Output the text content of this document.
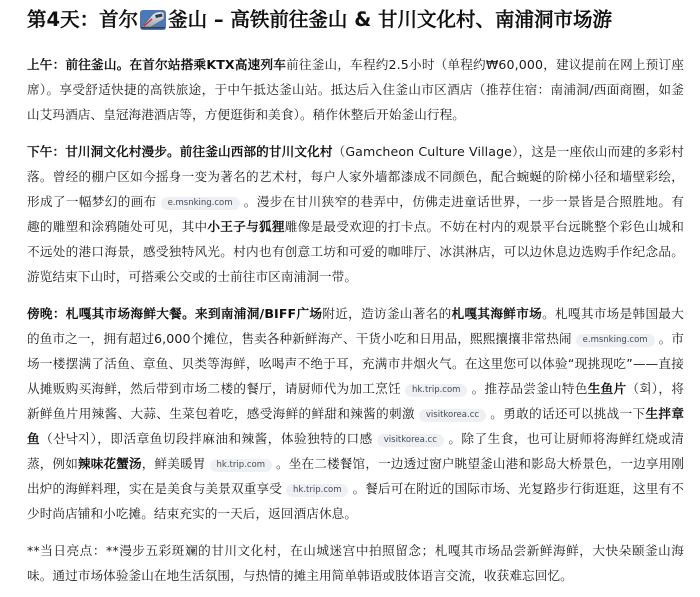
第4天：首尔 釜山 – 高铁前往釜山 & 甘川文化村、南浦洞市场游

上午：前往釜山。在首尔站搭乘KTX高速列车前往釜山，车程约2.5小时（单程约₩60,000，建议提前在网上预订座席）。享受舒适快捷的高铁旅途，于中午抵达釜山站。抵达后入住釜山市区酒店（推荐住宿：南浦洞/西面商圈，如釜山艾玛酒店、皇冠海港酒店等，方便逛街和美食）。稍作休整后开始釜山行程。

下午：甘川洞文化村漫步。前往釜山西部的甘川文化村（Gamcheon Culture Village），这是一座依山而建的多彩村落。曾经的棚户区如今摇身一变为著名的艺术村，每户人家外墙都漆成不同颜色，配合蜿蜒的阶梯小径和墙壁彩绘，形成了一幅梦幻的画布 e.msnking.com 。漫步在甘川狭窄的巷弄中，仿佛走进童话世界，一步一景皆是合照胜地。有趣的雕塑和涂鸦随处可见，其中小王子与狐狸雕像是最受欢迎的打卡点。不妨在村内的观景平台远眺整个彩色山城和不远处的港口海景，感受独特风光。村内也有创意工坊和可爱的咖啡厅、冰淇淋店，可以边休息边选购手作纪念品。游览结束下山时，可搭乘公交或的士前往市区南浦洞一带。

傍晚：札嘎其市场海鲜大餐。来到南浦洞/BIFF广场附近，造访釜山著名的札嘎其海鲜市场。札嘎其市场是韩国最大的鱼市之一，拥有超过6,000个摊位，售卖各种新鲜海产、干货小吃和日用品，熙熙攘攘非常热闹 e.msnking.com 。市场一楼摆满了活鱼、章鱼、贝类等海鲜，吆喝声不绝于耳，充满市井烟火气。在这里您可以体验“现挑现吃”——直接从摊贩购买海鲜，然后带到市场二楼的餐厅，请厨师代为加工烹饪 hk.trip.com 。推荐品尝釜山特色生鱼片（회），将新鲜鱼片用辣酱、大蒜、生菜包着吃，感受海鲜的鲜甜和辣酱的刺激 visitkorea.cc 。勇敢的话还可以挑战一下生拌章鱼（산낙지），即活章鱼切段拌麻油和辣酱，体验独特的口感 visitkorea.cc 。除了生食，也可让厨师将海鲜红烧或清蒸，例如辣味花蟹汤，鲜美暖胃 hk.trip.com 。坐在二楼餐馆，一边透过窗户眺望釜山港和影岛大桥景色，一边享用刚出炉的海鲜料理，实在是美食与美景双重享受 hk.trip.com 。餐后可在附近的国际市场、光复路步行街逛逛，这里有不少时尚店铺和小吃摊。结束充实的一天后，返回酒店休息。

**当日亮点：**漫步五彩斑斓的甘川文化村，在山城迷宫中拍照留念；札嘎其市场品尝新鲜海鲜，大快朵颐釜山海味。通过市场体验釜山在地生活氛围，与热情的摊主用简单韩语或肢体语言交流，收获难忘回忆。
